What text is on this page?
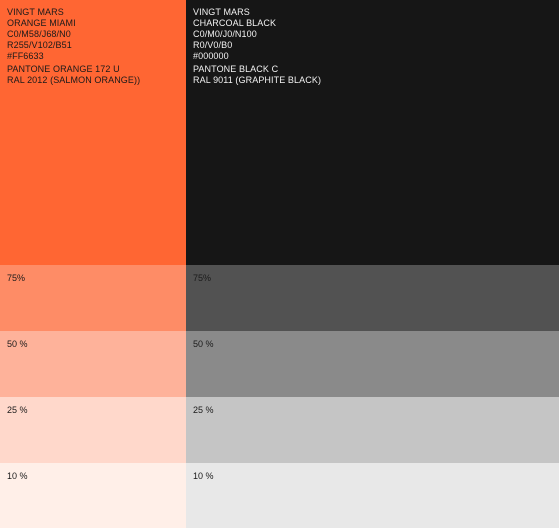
VINGT MARS
ORANGE MIAMI
C0/M58/J68/N0
R255/V102/B51
#FF6633
PANTONE ORANGE 172 U
RAL 2012 (SALMON ORANGE))
75%
50 %
25 %
10 %
VINGT MARS
CHARCOAL BLACK
C0/M0/J0/N100
R0/V0/B0
#000000
PANTONE BLACK C
RAL 9011 (GRAPHITE BLACK)
75%
50 %
25 %
10 %
